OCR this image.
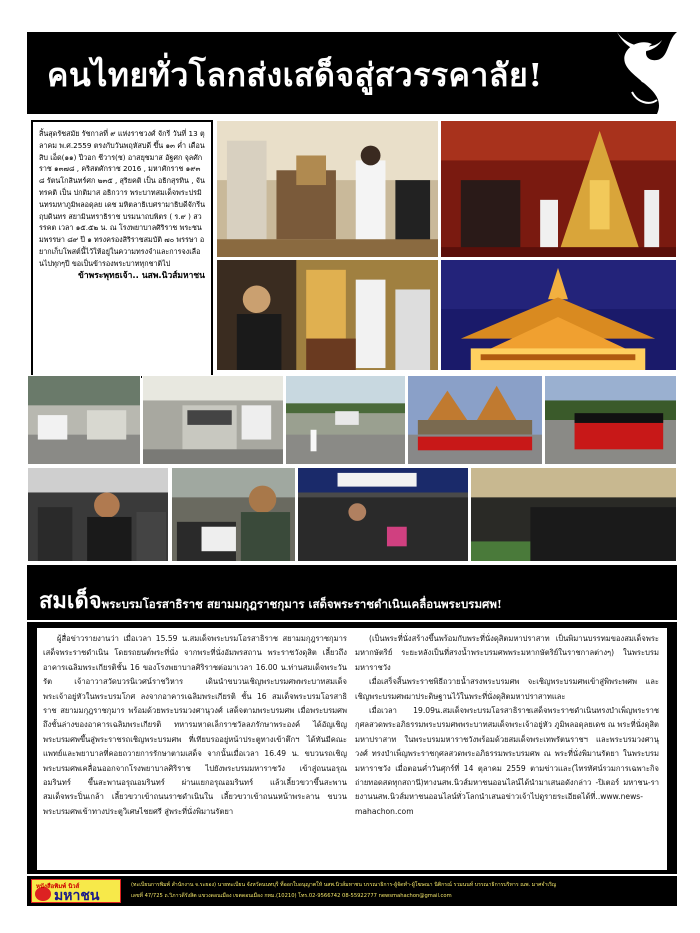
คนไทยทั่วโลกส่งเสด็จสู่สวรรคาลัย!

สิ้นสุดรัชสมัย รัชกาลที่ ๙ แห่งราชวงศ์ จักรี วันที่ 13 ตุลาคม พ.ศ.2559 ตรงกับวันพฤหัสบดี ขึ้น ๑๓ ค่ำ เดือนสิบ เอ็ด(๑๑) ปีวอก ชีวาร(ช) อาสยุชมาส อัฐศก จุลศักราช ๑๓๗๘ , คริสตศักราช 2016 , มหาศักราช ๑๙๓๘ รัตนโกสินทร์ศก ๒๓๕ , สุริยคติ เป็น อธิกสุรทิน , จันทรคติ เป็น ปกติมาส อธิกวาร พระบาทสมเด็จพระปรมินทรมหาภูมิพลอดุลย เดช มหิตลาธิเบศรามาธิบดีจักรีนฤบดินทร สยามินทราธิราช บรมนาถบพิตร ( ร.๙ ) สวรรคต เวลา ๑๕.๕๒ น. ณ โรงพยาบาลศิริราช พระชนมพรรษา ๘๙ ปี ๑ ทรงครองสิริราชสมบัติ ๗๐ พรรษา อยากเก็บโพสต์นี้ไว้ให้อยู่ในความทรงจำและการจงเลือนไปทุกๆปี ขอเป็นข้ารองพระบาททุกชาติไป

ข้าพระพุทธเจ้า.. นสพ.นิวส์มหาชน
สมเด็จพระบรมโอรสาธิราช สยามมกุฎราชกุมาร เสด็จพระราชดำเนินเคลื่อนพระบรมศพ!

ผู้สื่อข่าวรายงานว่า เมื่อเวลา 15.59 น.สมเด็จพระบรมโอรสาธิราช สยามมกุฎราชกุมาร เสด็จพระราชดำเนิน โดยรถยนต์พระที่นั่ง จากพระที่นั่งอัมพรสถาน พระราชวังดุสิต เลี้ยวถึงอาคารเฉลิมพระเกียรติชั้น 16 ของโรงพยาบาลศิริราชต่อมาเวลา 16.00 น.ท่านสมเด็จพระวันรัต เจ้าอาวาสวัดบวรนิเวศน์ราชวิหาร เดินนำขบวนเชิญพระบรมศพพระบาทสมเด็จพระเจ้าอยู่หัวในพระบรมโกศ ลงจากอาคารเฉลิมพระเกียรติ ชั้น 16 สมเด็จพระบรมโอรสาธิราช สยามมกุฎราชกุมาร พร้อมด้วยพระบรมวงศานุวงศ์ เสด็จตามพระบรมศพ เมื่อพระบรมศพถึงชั้นล่างของอาคารเฉลิมพระเกียรติ ทหารมหาดเล็กราชวัลลภรักษาพระองค์ ได้อัญเชิญพระบรมศพขึ้นสู่พระราชรถเชิญพระบรมศพ ที่เทียบรออยู่หน้าประตูทางเข้าตึกฯ ได้ทันมีคณะแพทย์และพยาบาลที่คอยถวายการรักษาตามเสด็จ จากนั้นเมื่อเวลา 16.49 น. ขบวนรถเชิญพระบรมศพเคลื่อนออกจากโรงพยาบาลศิริราช ไปยังพระบรมมหาราชวัง เข้าสู่ถนนอรุณอมรินทร์ ขึ้นสะพานอรุณอมรินทร์ ผ่านแยกอรุณอมรินทร์ แล้วเลี้ยวขวาขึ้นสะพานสมเด็จพระปิ่นเกล้า เลี้ยวขวาเข้าถนนราชดำเนินใน เลี้ยวขวาเข้าถนนหน้าพระลาน ขบวนพระบรมศพเข้าทางประตูวิเศษไชยศรี สู่พระที่นั่งพิมานรัตยา

(เป็นพระที่นั่งสร้างขึ้นพร้อมกับพระที่นั่งดุสิตมหาปราสาท เป็นพิมานบรรทมของสมเด็จพระมหากษัตริย์ ระยะหลังเป็นที่สรงน้ำพระบรมศพพระมหากษัตริย์ในราชกาลต่างๆ) ในพระบรมมหาราชวัง

เมื่อเสร็จสิ้นพระราชพิธีถวายน้ำสรงพระบรมศพ จะเชิญพระบรมศพเข้าสู่พิพระพศพ และเชิญพระบรมศพมาประดิษฐานไว้ในพระที่นั่งดุสิตมหาปราสาทและ

เมื่อเวลา 19.09น.สมเด็จพระบรมโอรสาธิราชเสด็จพระราชดำเนินทรงบำเพ็ญพระราชกุศลสวดพระอภิธรรมพระบรมศพพระบาทสมเด็จพระเจ้าอยู่หัว ภูมิพลอดุลยเดช ณ พระที่นั่งดุสิตมหาปราสาท ในพระบรมมหาราชวังพร้อมด้วยสมเด็จพระเทพรัตนราชฯ และพระบรมวงศานุวงศ์ ทรงบำเพ็ญพระราชกุศลสวดพระอภิธรรมพระบรมศพ ณ พระที่นั่งพิมานรัตยา ในพระบรมมหาราชวัง เมื่อตอนค่ำวันศุกร์ที่ 14 ตุลาคม 2559 ตามข่าวและ(ไทรทัศน์รวมการเฉพาะกิจถ่ายทอดสดทุกสถานี)ทางนสพ.นิวส์มหาชนออนไลน์ได้นำมาเสนอดังกล่าว -ปิเตอร์ มหาชน-รายงานนสพ.นิวส์มหาชนออนไลน์ทั่วโลกนำเสนอข่าวเจ้าไปดูรายระเอียดได้ที่..www.news-mahachon.com

หนังสือพิมพ์ นิวส์
มหาชน
(ทะเบียนการพิมพ์ สำนักงาน จ.ระยอง) นายทะเบียน จังหวัดนนทบุรี ที่ออกใบอนุญาตให้ นสพ.นิวส์มหาชน บรรณาธิการ-ผู้จัดทำ-ผู้โฆษณา นิติกรณ์ รวมนนท์ บรรณาธิการบริหาร ณพ. มาศจำเริญ
เลขที่ 47/725 ถ.วิภาวดีรังสิต แขวงดอนเมือง เขตดอนเมือง กทม.(10210) โทร.02-9566742 08-55922777 newsmahachon@gmail.com
